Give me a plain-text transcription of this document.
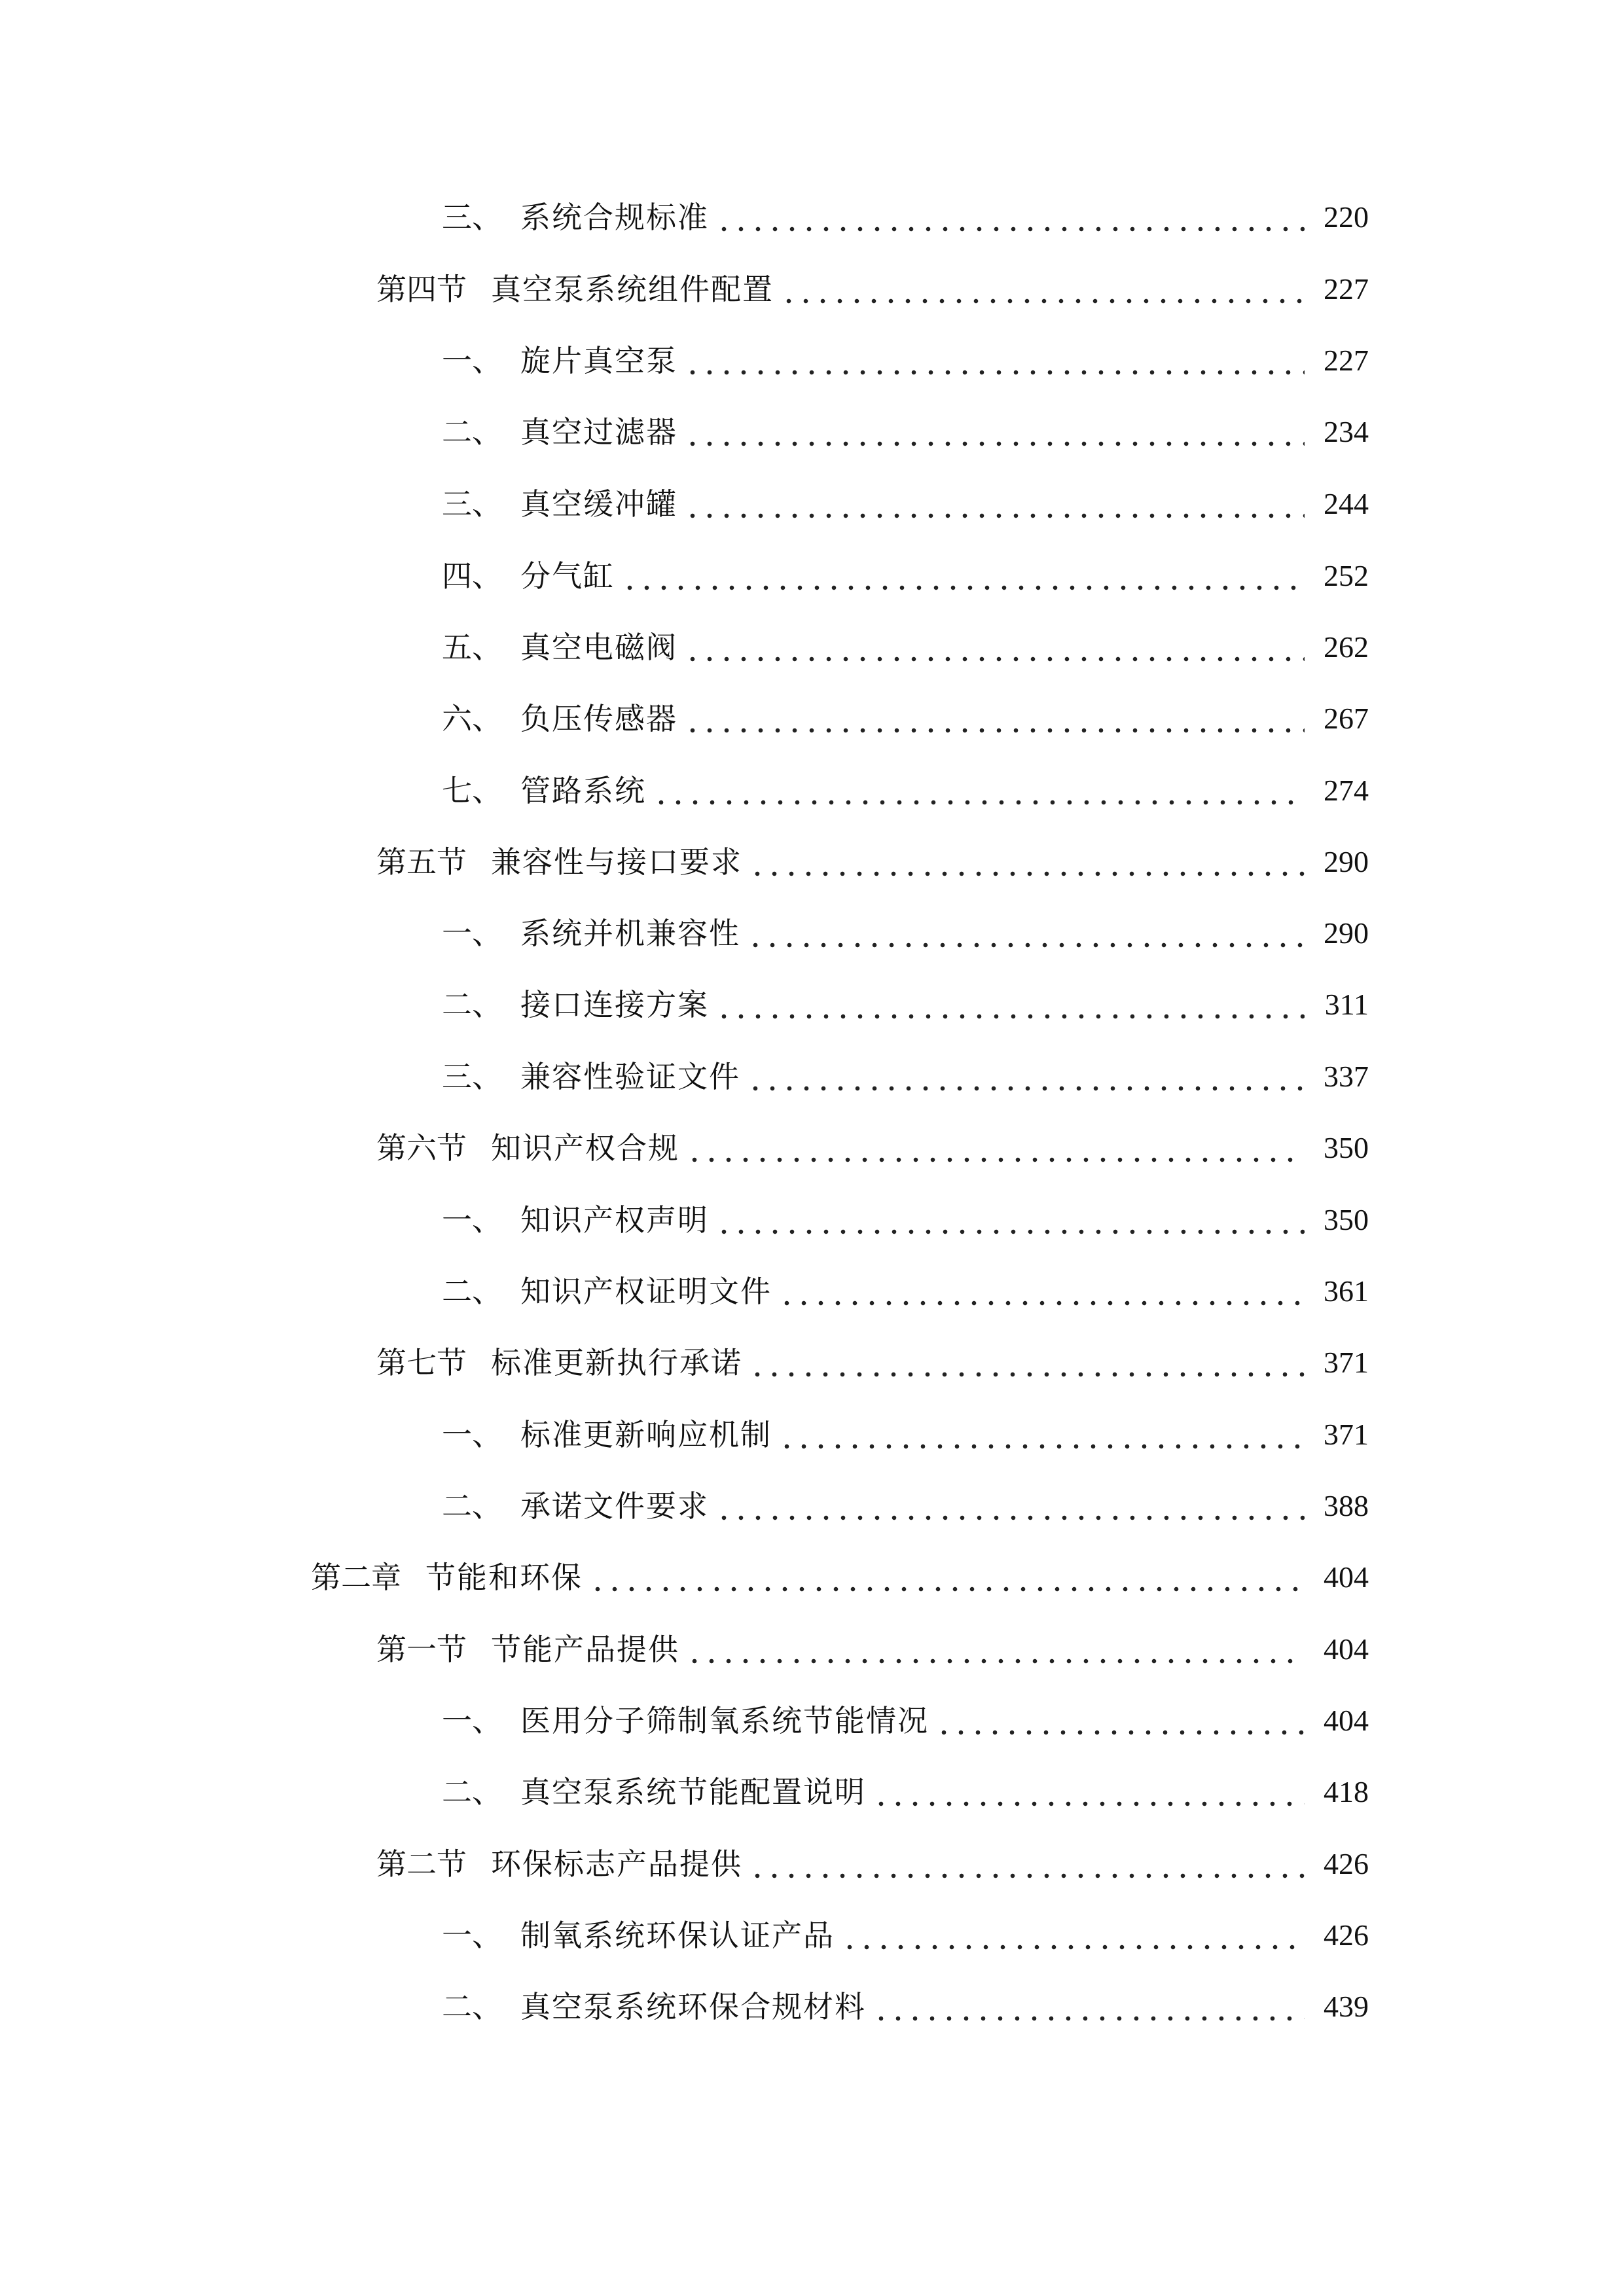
三、 系统合规标准	220
第四节 真空泵系统组件配置	227
一、 旋片真空泵	227
二、 真空过滤器	234
三、 真空缓冲罐	244
四、 分气缸	252
五、 真空电磁阀	262
六、 负压传感器	267
七、 管路系统	274
第五节 兼容性与接口要求	290
一、 系统并机兼容性	290
二、 接口连接方案	311
三、 兼容性验证文件	337
第六节 知识产权合规	350
一、 知识产权声明	350
二、 知识产权证明文件	361
第七节 标准更新执行承诺	371
一、 标准更新响应机制	371
二、 承诺文件要求	388
第二章 节能和环保	404
第一节 节能产品提供	404
一、 医用分子筛制氧系统节能情况	404
二、 真空泵系统节能配置说明	418
第二节 环保标志产品提供	426
一、 制氧系统环保认证产品	426
二、 真空泵系统环保合规材料	439
